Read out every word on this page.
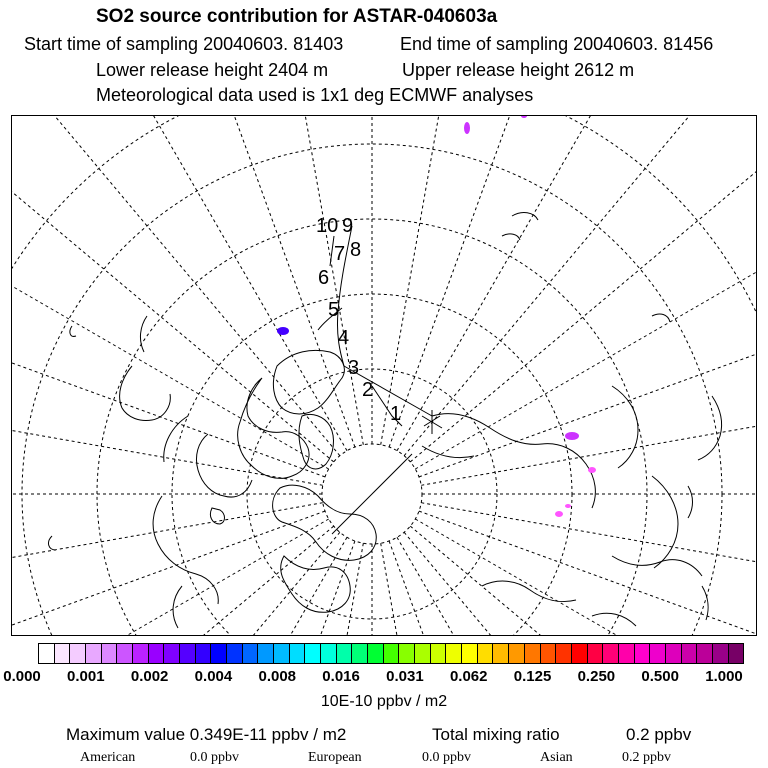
SO2 source contribution for ASTAR-040603a
Start time of sampling 20040603. 81403	End time of sampling 20040603. 81456
Lower release height 2404 m	Upper release height 2612 m
Meteorological data used is 1x1 deg ECMWF analyses
1
2
3
4
5
6
7 8
9
10
0.000 0.001 0.002 0.004 0.008 0.016 0.031 0.062 0.125 0.250 0.500 1.000
10E-10 ppbv / m2
Maximum value 0.349E-11 ppbv / m2	Total mixing ratio	0.2 ppbv
American	0.0 ppbv	European	0.0 ppbv	Asian	0.2 ppbv
